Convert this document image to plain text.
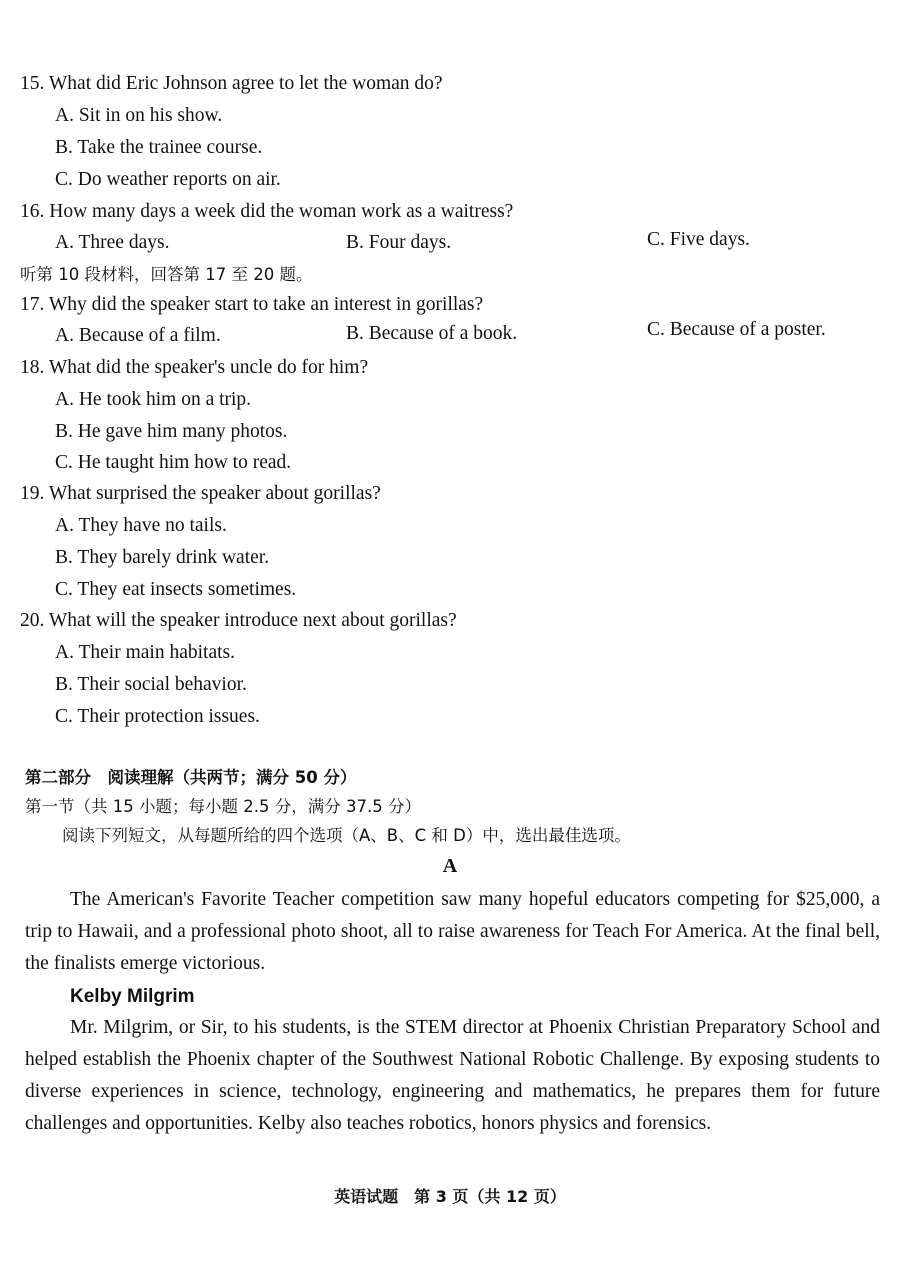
15. What did Eric Johnson agree to let the woman do?
A. Sit in on his show.
B. Take the trainee course.
C. Do weather reports on air.
16. How many days a week did the woman work as a waitress?
A. Three days.	B. Four days.	C. Five days.
听第 10 段材料，回答第 17 至 20 题。
17. Why did the speaker start to take an interest in gorillas?
A. Because of a film.	B. Because of a book.	C. Because of a poster.
18. What did the speaker's uncle do for him?
A. He took him on a trip.
B. He gave him many photos.
C. He taught him how to read.
19. What surprised the speaker about gorillas?
A. They have no tails.
B. They barely drink water.
C. They eat insects sometimes.
20. What will the speaker introduce next about gorillas?
A. Their main habitats.
B. Their social behavior.
C. Their protection issues.
第二部分　阅读理解（共两节；满分 50 分）
第一节（共 15 小题；每小题 2.5 分，满分 37.5 分）
阅读下列短文，从每题所给的四个选项（A、B、C 和 D）中，选出最佳选项。
A

The American's Favorite Teacher competition saw many hopeful educators competing for $25,000, a trip to Hawaii, and a professional photo shoot, all to raise awareness for Teach For America. At the final bell, the finalists emerge victorious.

Kelby Milgrim

Mr. Milgrim, or Sir, to his students, is the STEM director at Phoenix Christian Preparatory School and helped establish the Phoenix chapter of the Southwest National Robotic Challenge. By exposing students to diverse experiences in science, technology, engineering and mathematics, he prepares them for future challenges and opportunities. Kelby also teaches robotics, honors physics and forensics.

英语试题　第 3 页（共 12 页）
